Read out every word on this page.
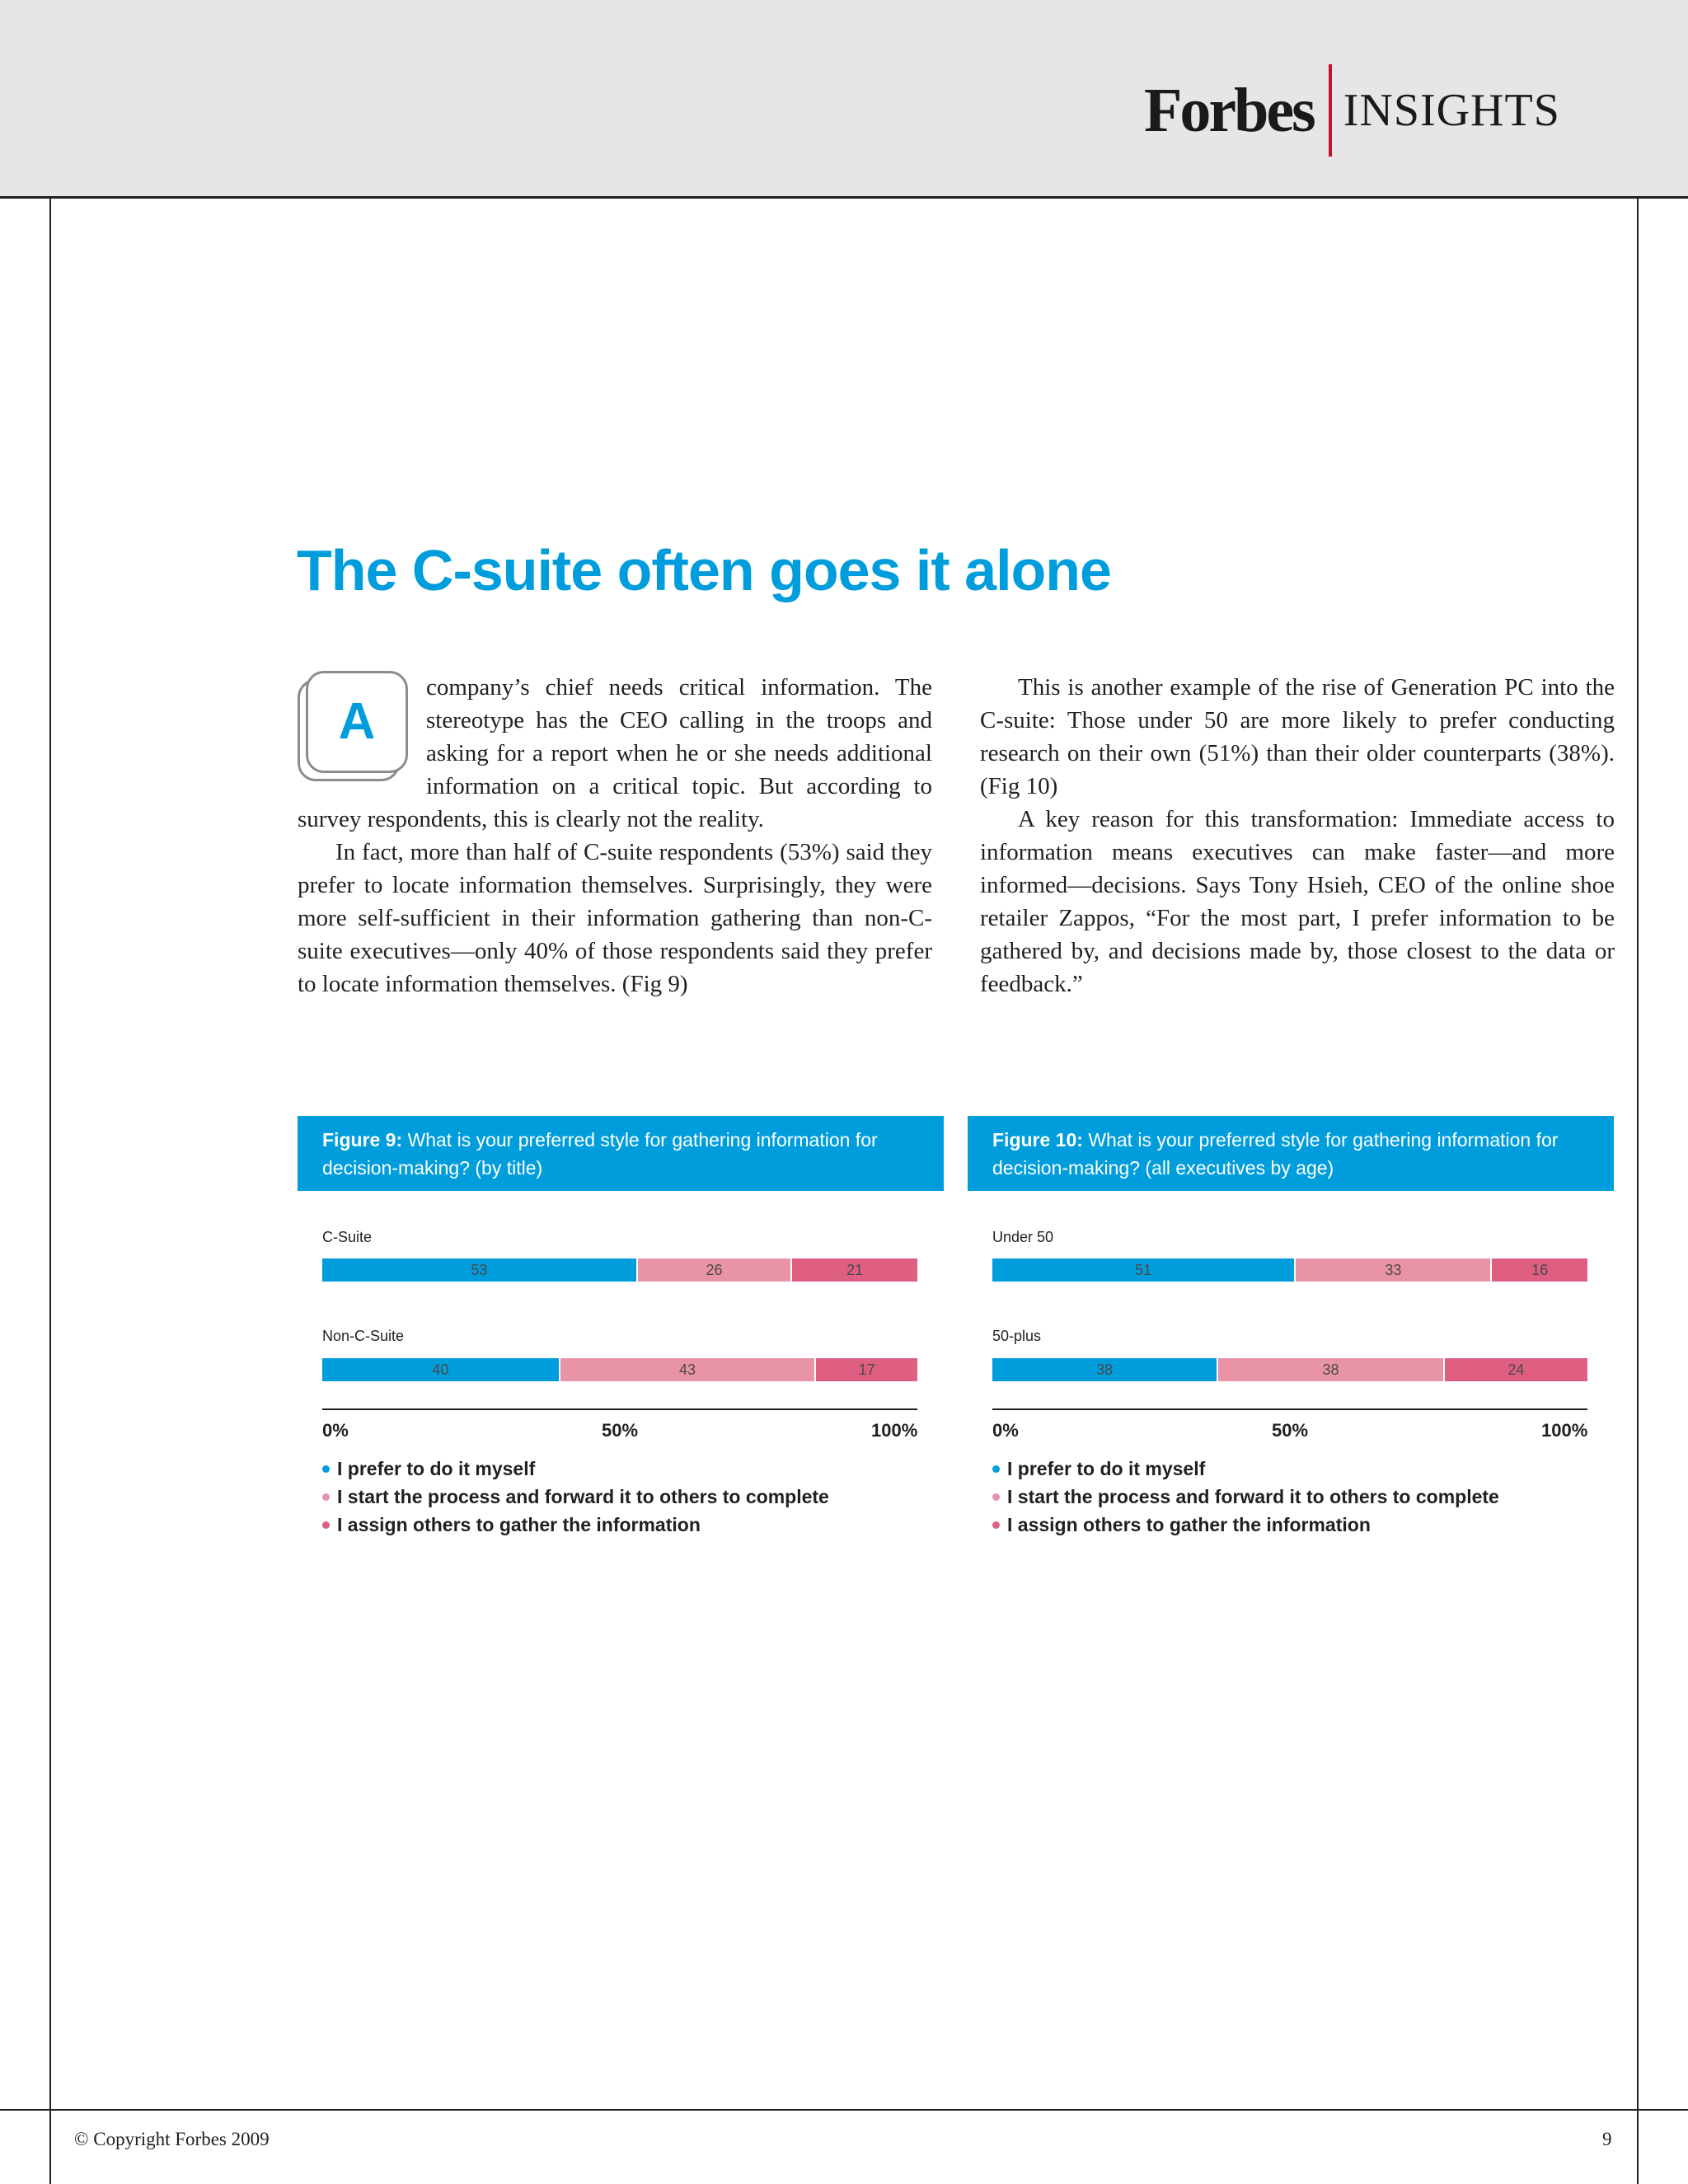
Forbes INSIGHTS
The C-suite often goes it alone
A

company’s chief needs critical information. The stereotype has the CEO calling in the troops and asking for a report when he or she needs additional information on a critical topic. But according to survey respondents, this is clearly not the reality.

In fact, more than half of C-suite respondents (53%) said they prefer to locate information themselves. Surprisingly, they were more self-sufficient in their information gathering than non-C-suite executives—only 40% of those respondents said they prefer to locate information themselves. (Fig 9)

This is another example of the rise of Generation PC into the C-suite: Those under 50 are more likely to prefer conducting research on their own (51%) than their older counterparts (38%). (Fig 10)

A key reason for this transformation: Immediate access to information means executives can make faster—and more informed—decisions. Says Tony Hsieh, CEO of the online shoe retailer Zappos, “For the most part, I prefer information to be gathered by, and decisions made by, those closest to the data or feedback.”

Figure 9: What is your preferred style for gathering information for decision-making? (by title)
C-Suite
53	26	21
Non-C-Suite
40	43	17
0%	50%	100%
I prefer to do it myself
I start the process and forward it to others to complete
I assign others to gather the information
Figure 10: What is your preferred style for gathering information for decision-making? (all executives by age)
Under 50
51	33	16
50-plus
38	38	24
0%	50%	100%
I prefer to do it myself
I start the process and forward it to others to complete
I assign others to gather the information
© Copyright Forbes 2009	9
